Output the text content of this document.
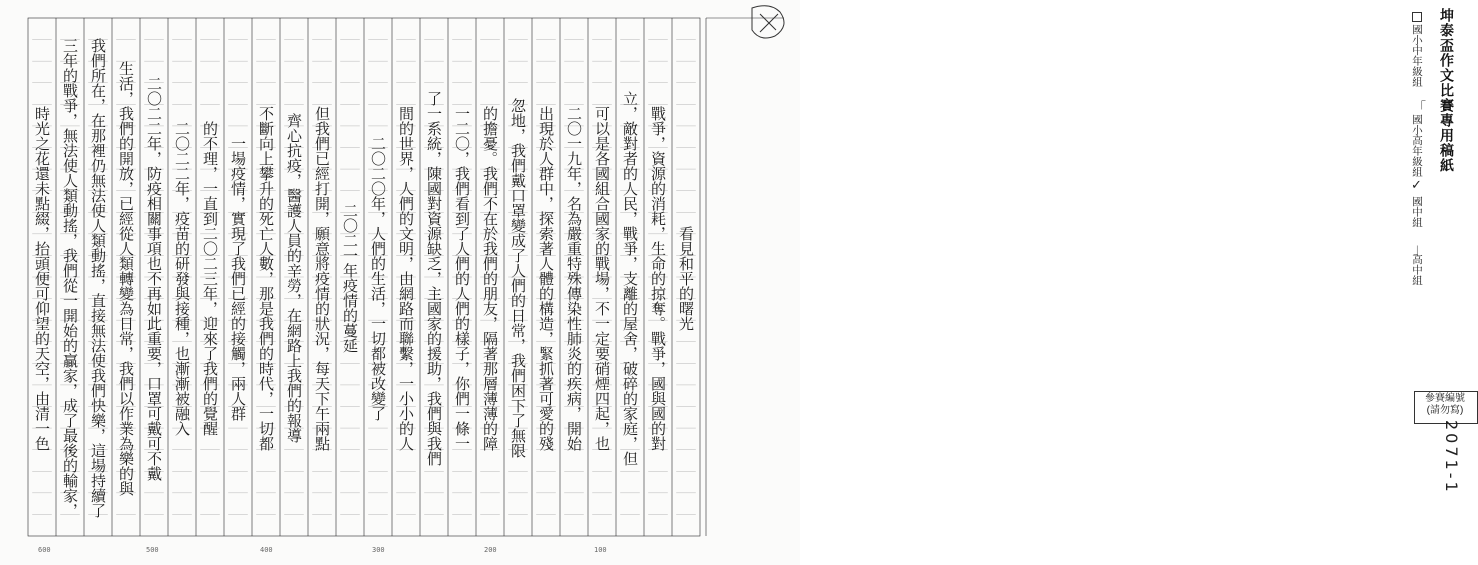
看見和平的曙光
戰爭，資源的消耗，生命的掠奪。戰爭，國與國的對
立，敵對者的人民，戰爭，支離的屋舍，破碎的家庭，但
可以是各國組合國家的戰場，不一定要硝煙四起，也
二〇一九年，名為嚴重特殊傳染性肺炎的疾病，開始
出現於人群中，探索著人體的構造，緊抓著可愛的殘
忽地，我們戴口罩變成了人們的日常，我們困下了無限
的擔憂。我們不在於我們的朋友，隔著那層薄薄的障
一二〇，我們看到了人們的人們的樣子，你們一條一
了一系統，陳國對資源缺乏，主國家的援助，我們與我們
間的世界，人們的文明，由網路而聯繫，一小小的人
二〇二〇年，人們的生活，一切都被改變了
二〇二一年疫情的蔓延
但我們已經打開，願意將疫情的狀況，每天下午兩點
齊心抗疫，醫護人員的辛勞，在網路上我們的報導
不斷向上攀升的死亡人數，那是我們的時代，一切都
一場疫情，實現了我們已經的接觸，兩人群
的不理，一直到二〇二三年，迎來了我們的覺醒
二〇二二年，疫苗的研發與接種，也漸漸被融入
二〇二二年，防疫相關事項也不再如此重要，口罩可戴可不戴
生活，我們的開放，已經從人類轉變為日常，我們以作業為樂的與
我們所在，在那裡仍無法使人類動搖，直接無法使我們快樂，這場持續了
三年的戰爭，無法使人類動搖，我們從一開始的贏家，成了最後的輸家，
時光之花還未點綴，抬頭便可仰望的天空，由清一色
坤泰盃作文比賽專用稿紙
國小中年級組
「
國小高年級組
✓
國中組
」
高中組
參賽編號
(請勿寫)
2071-1
600	500	400	300	200	100
